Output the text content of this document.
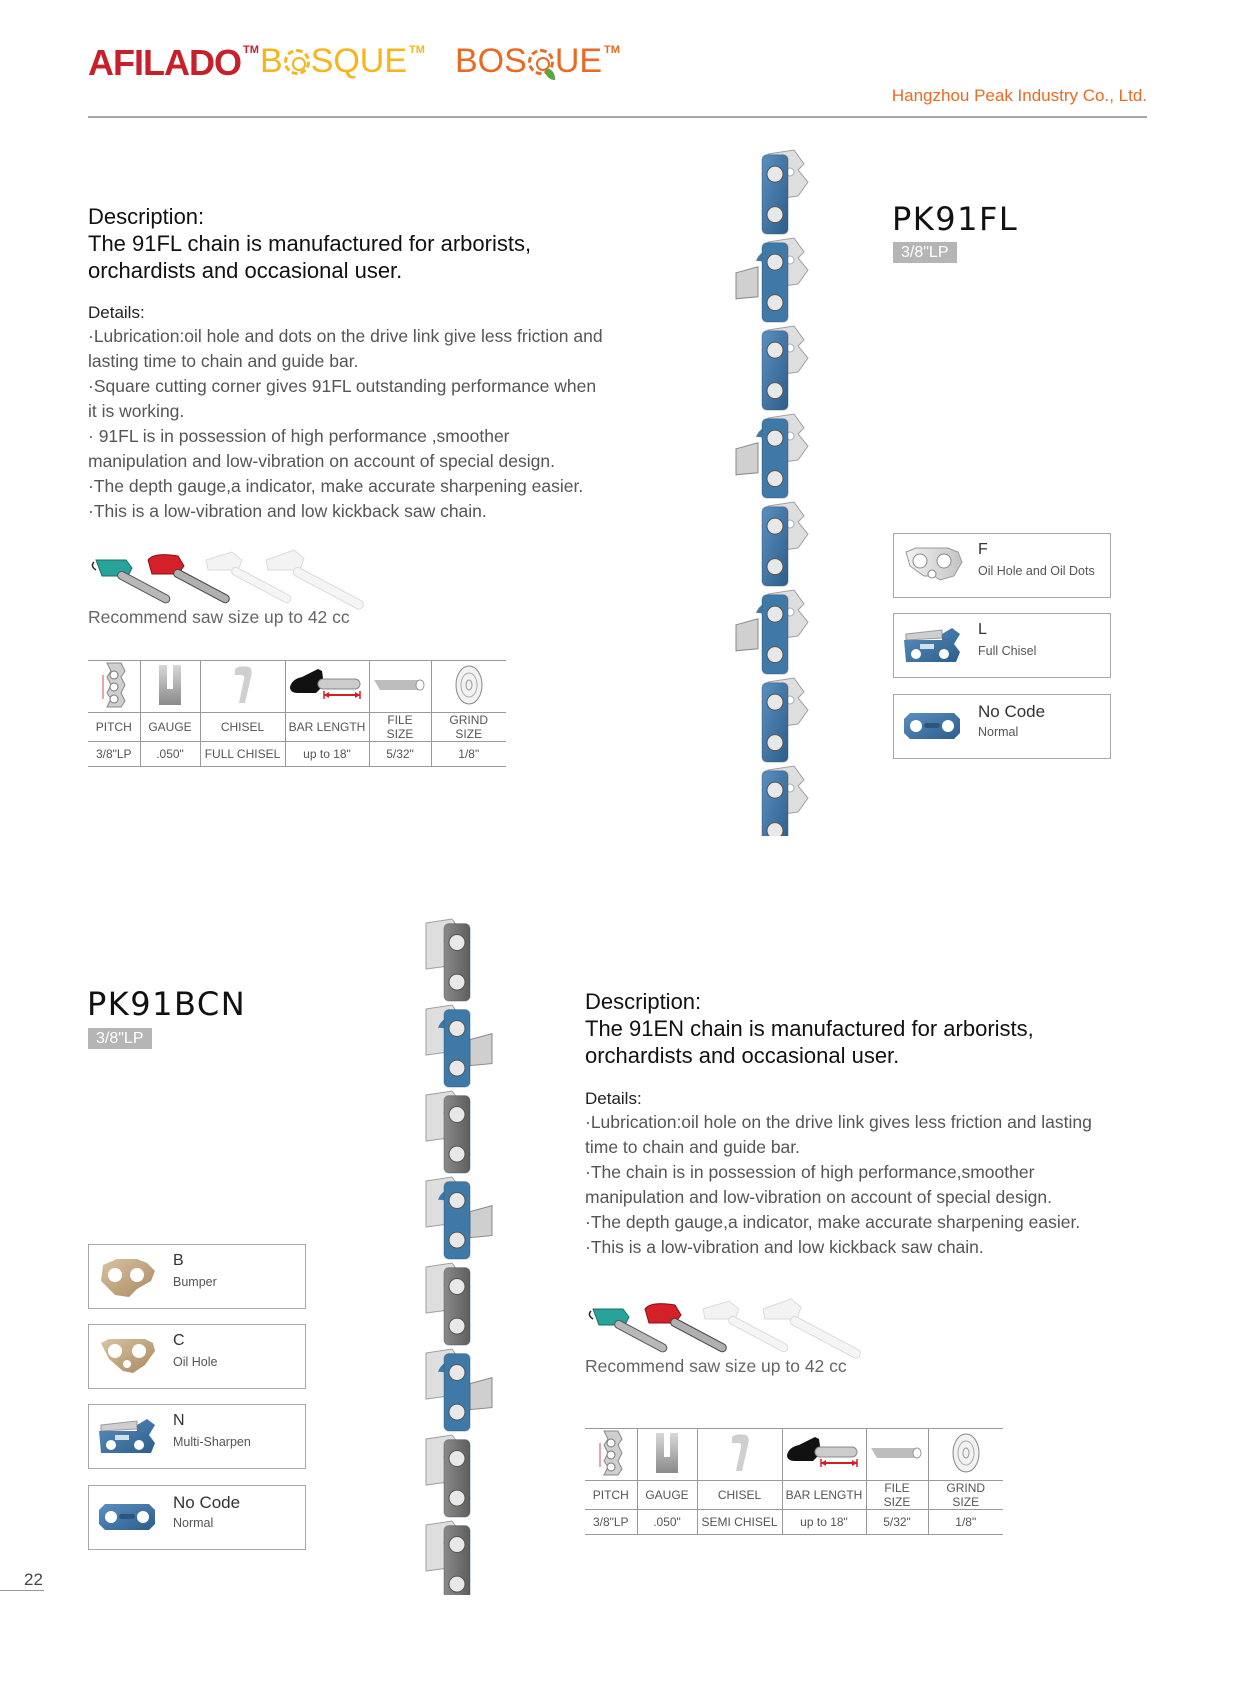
AFILADO ™ B SQUE ™ BOS UE ™
Hangzhou Peak Industry Co., Ltd.
Description:
The 91FL chain is manufactured for arborists,
orchardists and occasional user.
Details:
·Lubrication:oil hole and dots on the drive link give less friction and
lasting time to chain and guide bar.
·Square cutting corner gives 91FL outstanding performance when
it is working.
· 91FL is in possession of high performance ,smoother
manipulation and low-vibration on account of special design.
·The depth gauge,a indicator, make accurate sharpening easier.
·This is a low-vibration and low kickback saw chain.
Recommend saw size up to 42 cc

PITCH	GAUGE	CHISEL	BAR LENGTH	FILE SIZE	GRIND SIZE
3/8"LP	.050"	FULL CHISEL	up to 18"	5/32"	1/8"
PK91FL
3/8"LP
F
Oil Hole and Oil Dots
L
Full Chisel
No Code
Normal
PK91BCN
3/8"LP
Description:
The 91EN chain is manufactured for arborists,
orchardists and occasional user.
Details:
·Lubrication:oil hole on the drive link gives less friction and lasting
time to chain and guide bar.
·The chain is in possession of high performance,smoother
manipulation and low-vibration on account of special design.
·The depth gauge,a indicator, make accurate sharpening easier.
·This is a low-vibration and low kickback saw chain.
Recommend saw size up to 42 cc

PITCH	GAUGE	CHISEL	BAR LENGTH	FILE SIZE	GRIND SIZE
3/8"LP	.050"	SEMI CHISEL	up to 18"	5/32"	1/8"
B
Bumper
C
Oil Hole
N
Multi-Sharpen
No Code
Normal
22
